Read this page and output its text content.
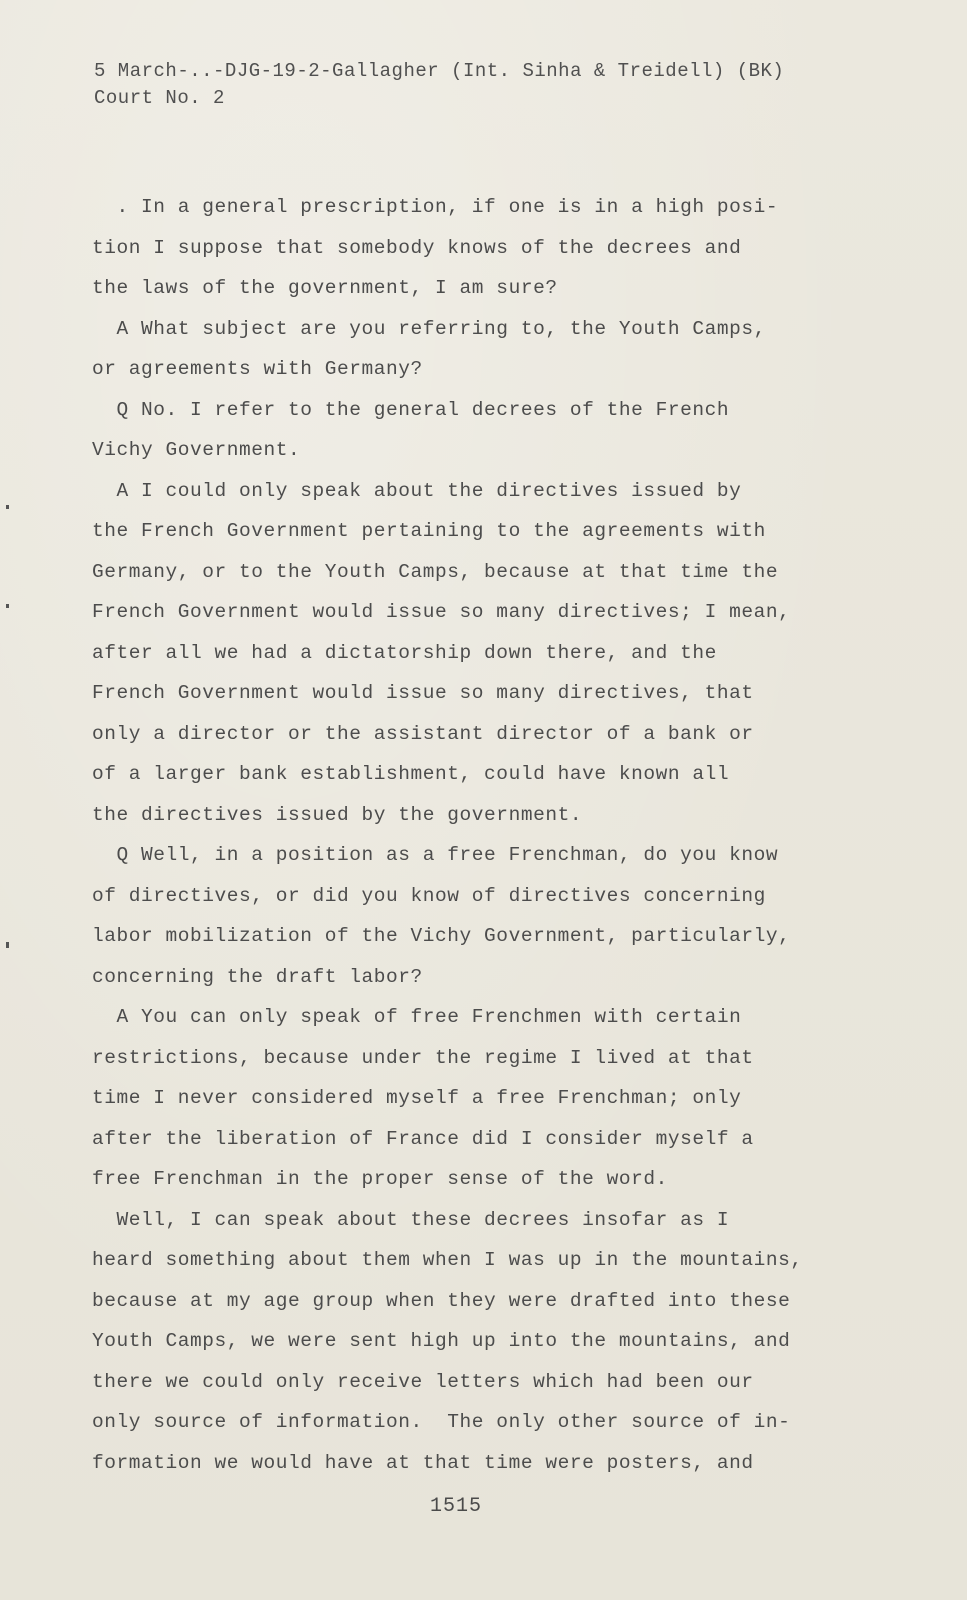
5 March-..-DJG-19-2-Gallagher (Int. Sinha & Treidell) (BK)
Court No. 2
. In a general prescription, if one is in a high posi-
tion I suppose that somebody knows of the decrees and
the laws of the government, I am sure?
A What subject are you referring to, the Youth Camps,
or agreements with Germany?
Q No. I refer to the general decrees of the French
Vichy Government.
A I could only speak about the directives issued by
the French Government pertaining to the agreements with
Germany, or to the Youth Camps, because at that time the
French Government would issue so many directives; I mean,
after all we had a dictatorship down there, and the
French Government would issue so many directives, that
only a director or the assistant director of a bank or
of a larger bank establishment, could have known all
the directives issued by the government.
Q Well, in a position as a free Frenchman, do you know
of directives, or did you know of directives concerning
labor mobilization of the Vichy Government, particularly,
concerning the draft labor?
A You can only speak of free Frenchmen with certain
restrictions, because under the regime I lived at that
time I never considered myself a free Frenchman; only
after the liberation of France did I consider myself a
free Frenchman in the proper sense of the word.
Well, I can speak about these decrees insofar as I
heard something about them when I was up in the mountains,
because at my age group when they were drafted into these
Youth Camps, we were sent high up into the mountains, and
there we could only receive letters which had been our
only source of information.  The only other source of in-
formation we would have at that time were posters, and
1515
